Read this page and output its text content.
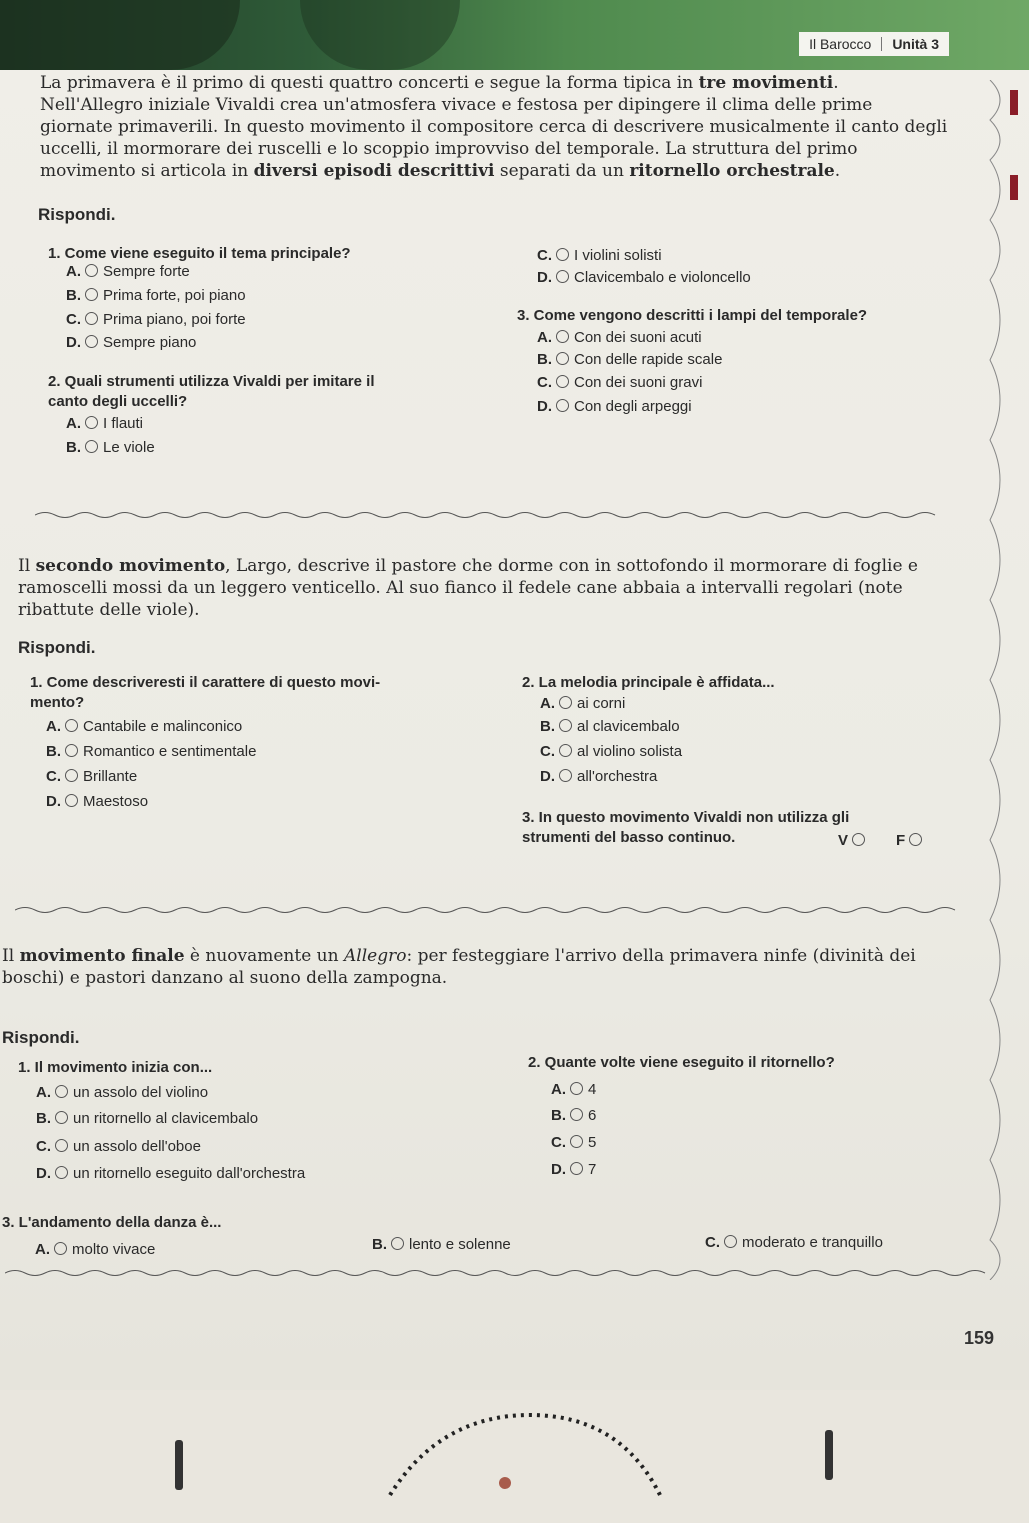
Il Barocco Unità 3
La primavera è il primo di questi quattro concerti e segue la forma tipica in tre movimenti.
Nell'Allegro iniziale Vivaldi crea un'atmosfera vivace e festosa per dipingere il clima delle prime giornate primaverili. In questo movimento il compositore cerca di descrivere musicalmente il canto degli uccelli, il mormorare dei ruscelli e lo scoppio improvviso del temporale. La struttura del primo movimento si articola in diversi episodi descrittivi separati da un ritornello orchestrale.
Rispondi.
1. Come viene eseguito il tema principale?
A. Sempre forte
B. Prima forte, poi piano
C. Prima piano, poi forte
D. Sempre piano
2. Quali strumenti utilizza Vivaldi per imitare il
canto degli uccelli?
A. I flauti
B. Le viole
C. I violini solisti
D. Clavicembalo e violoncello
3. Come vengono descritti i lampi del temporale?
A. Con dei suoni acuti
B. Con delle rapide scale
C. Con dei suoni gravi
D. Con degli arpeggi
Il secondo movimento, Largo, descrive il pastore che dorme con in sottofondo il mormorare di foglie e ramoscelli mossi da un leggero venticello. Al suo fianco il fedele cane abbaia a intervalli regolari (note ribattute delle viole).
Rispondi.
1. Come descriveresti il carattere di questo movi-
mento?
A. Cantabile e malinconico
B. Romantico e sentimentale
C. Brillante
D. Maestoso
2. La melodia principale è affidata...
A. ai corni
B. al clavicembalo
C. al violino solista
D. all'orchestra
3. In questo movimento Vivaldi non utilizza gli
strumenti del basso continuo.	V	F
Il movimento finale è nuovamente un Allegro: per festeggiare l'arrivo della primavera ninfe (divinità dei boschi) e pastori danzano al suono della zampogna.
Rispondi.
1. Il movimento inizia con...
A. un assolo del violino
B. un ritornello al clavicembalo
C. un assolo dell'oboe
D. un ritornello eseguito dall'orchestra
2. Quante volte viene eseguito il ritornello?
A. 4
B. 6
C. 5
D. 7
3. L'andamento della danza è...
A. molto vivace	B. lento e solenne	C. moderato e tranquillo
159
